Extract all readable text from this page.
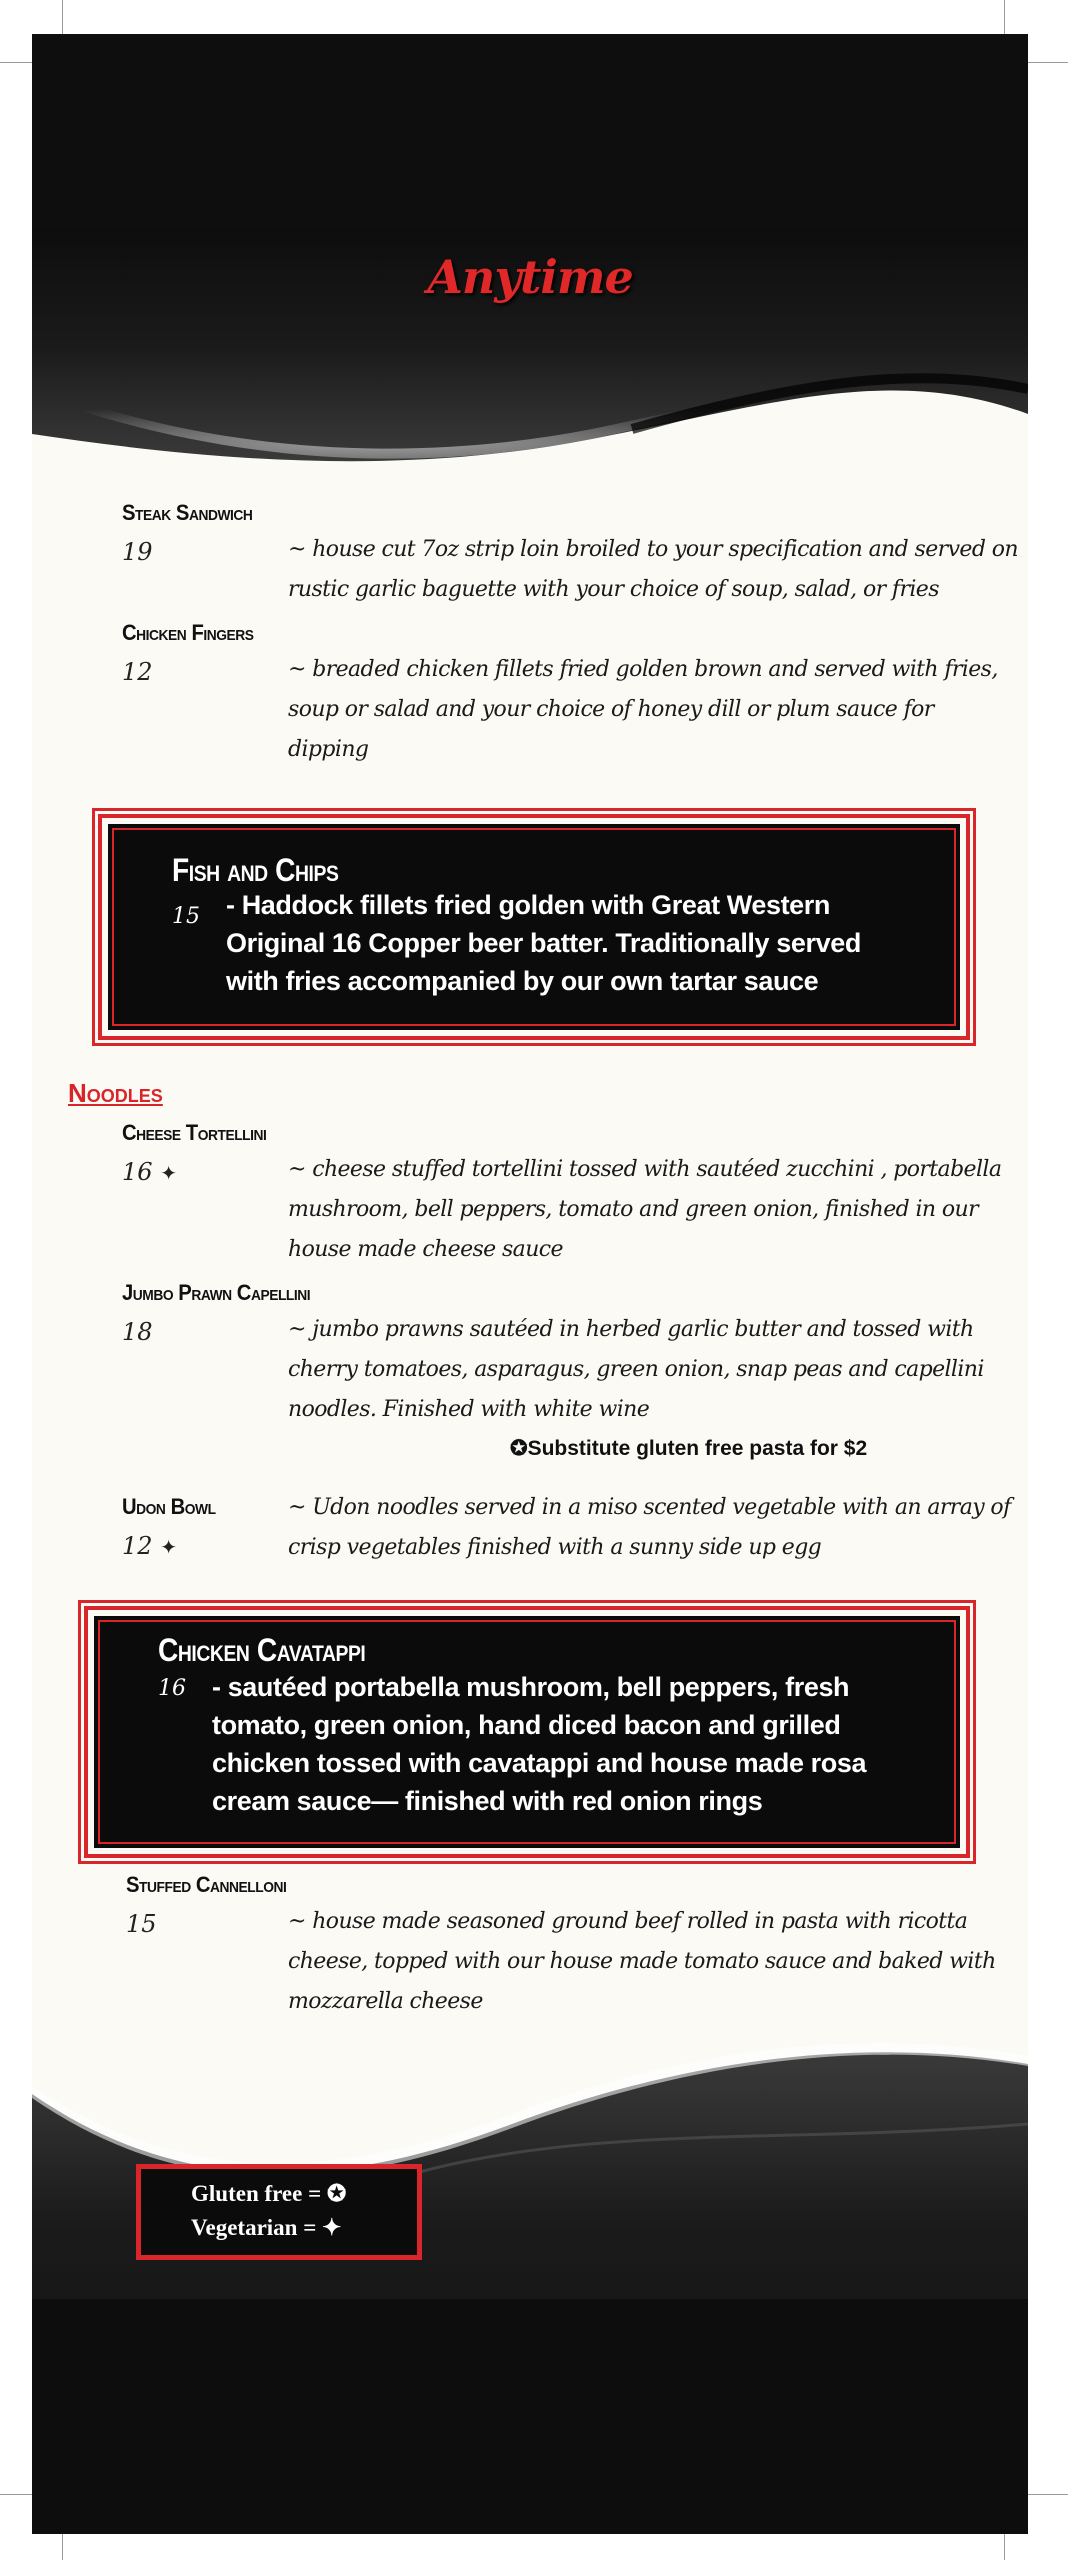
Anytime
Steak Sandwich
19	~ house cut 7oz strip loin broiled to your specification and served on
rustic garlic baguette with your choice of soup, salad, or fries
Chicken Fingers
12	~ breaded chicken fillets fried golden brown and served with fries,
soup or salad and your choice of honey dill or plum sauce for
dipping
Fish and Chips
15 - Haddock fillets fried golden with Great Western
Original 16 Copper beer batter. Traditionally served
with fries accompanied by our own tartar sauce
Noodles
Cheese Tortellini
16 ✦	~ cheese stuffed tortellini tossed with sautéed zucchini , portabella
mushroom, bell peppers, tomato and green onion, finished in our
house made cheese sauce
Jumbo Prawn Capellini
18	~ jumbo prawns sautéed in herbed garlic butter and tossed with
cherry tomatoes, asparagus, green onion, snap peas and capellini
noodles. Finished with white wine
✪Substitute gluten free pasta for $2
Udon Bowl
12 ✦
~ Udon noodles served in a miso scented vegetable with an array of
crisp vegetables finished with a sunny side up egg
Chicken Cavatappi
16 - sautéed portabella mushroom, bell peppers, fresh
tomato, green onion, hand diced bacon and grilled
chicken tossed with cavatappi and house made rosa
cream sauce— finished with red onion rings
Stuffed Cannelloni
15	~ house made seasoned ground beef rolled in pasta with ricotta
cheese, topped with our house made tomato sauce and baked with
mozzarella cheese
Gluten free = ✪
Vegetarian = ✦
